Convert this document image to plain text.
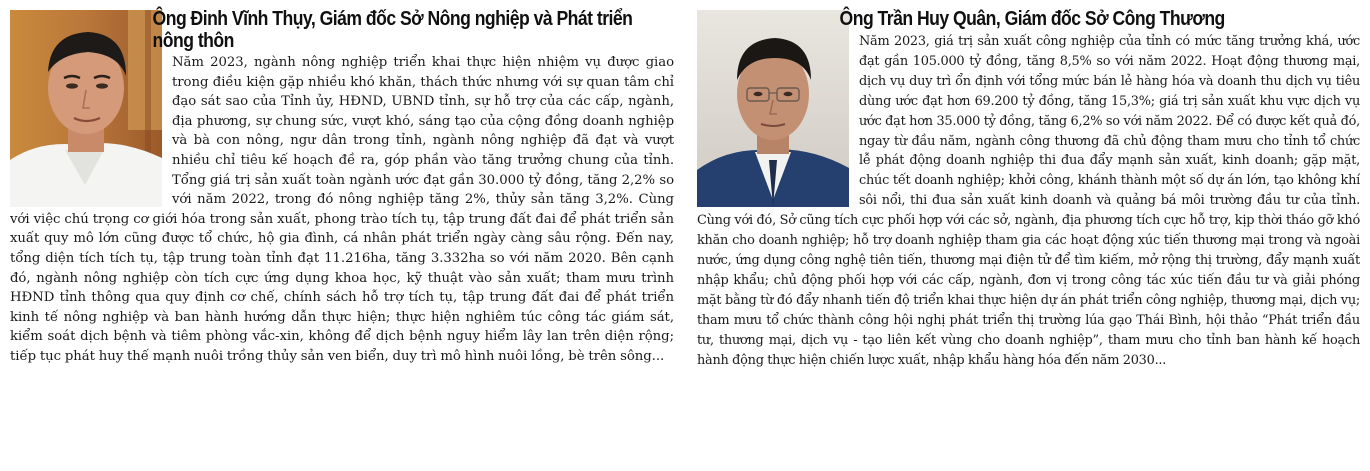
Ông Đinh Vĩnh Thụy, Giám đốc Sở Nông nghiệp và Phát triển nông thôn

Năm 2023, ngành nông nghiệp triển khai thực hiện nhiệm vụ được giao trong điều kiện gặp nhiều khó khăn, thách thức nhưng với sự quan tâm chỉ đạo sát sao của Tỉnh ủy, HĐND, UBND tỉnh, sự hỗ trợ của các cấp, ngành, địa phương, sự chung sức, vượt khó, sáng tạo của cộng đồng doanh nghiệp và bà con nông, ngư dân trong tỉnh, ngành nông nghiệp đã đạt và vượt nhiều chỉ tiêu kế hoạch đề ra, góp phần vào tăng trưởng chung của tỉnh. Tổng giá trị sản xuất toàn ngành ước đạt gần 30.000 tỷ đồng, tăng 2,2% so với năm 2022, trong đó nông nghiệp tăng 2%, thủy sản tăng 3,2%. Cùng với việc chú trọng cơ giới hóa trong sản xuất, phong trào tích tụ, tập trung đất đai để phát triển sản xuất quy mô lớn cũng được tổ chức, hộ gia đình, cá nhân phát triển ngày càng sâu rộng. Đến nay, tổng diện tích tích tụ, tập trung toàn tỉnh đạt 11.216ha, tăng 3.332ha so với năm 2020. Bên cạnh đó, ngành nông nghiệp còn tích cực ứng dụng khoa học, kỹ thuật vào sản xuất; tham mưu trình HĐND tỉnh thông qua quy định cơ chế, chính sách hỗ trợ tích tụ, tập trung đất đai để phát triển kinh tế nông nghiệp và ban hành hướng dẫn thực hiện; thực hiện nghiêm túc công tác giám sát, kiểm soát dịch bệnh và tiêm phòng vắc-xin, không để dịch bệnh nguy hiểm lây lan trên diện rộng; tiếp tục phát huy thế mạnh nuôi trồng thủy sản ven biển, duy trì mô hình nuôi lồng, bè trên sông...

Ông Trần Huy Quân, Giám đốc Sở Công Thương

Năm 2023, giá trị sản xuất công nghiệp của tỉnh có mức tăng trưởng khá, ước đạt gần 105.000 tỷ đồng, tăng 8,5% so với năm 2022. Hoạt động thương mại, dịch vụ duy trì ổn định với tổng mức bán lẻ hàng hóa và doanh thu dịch vụ tiêu dùng ước đạt hơn 69.200 tỷ đồng, tăng 15,3%; giá trị sản xuất khu vực dịch vụ ước đạt hơn 35.000 tỷ đồng, tăng 6,2% so với năm 2022. Để có được kết quả đó, ngay từ đầu năm, ngành công thương đã chủ động tham mưu cho tỉnh tổ chức lễ phát động doanh nghiệp thi đua đẩy mạnh sản xuất, kinh doanh; gặp mặt, chúc tết doanh nghiệp; khởi công, khánh thành một số dự án lớn, tạo không khí sôi nổi, thi đua sản xuất kinh doanh và quảng bá môi trường đầu tư của tỉnh. Cùng với đó, Sở cũng tích cực phối hợp với các sở, ngành, địa phương tích cực hỗ trợ, kịp thời tháo gỡ khó khăn cho doanh nghiệp; hỗ trợ doanh nghiệp tham gia các hoạt động xúc tiến thương mại trong và ngoài nước, ứng dụng công nghệ tiên tiến, thương mại điện tử để tìm kiếm, mở rộng thị trường, đẩy mạnh xuất nhập khẩu; chủ động phối hợp với các cấp, ngành, đơn vị trong công tác xúc tiến đầu tư và giải phóng mặt bằng từ đó đẩy nhanh tiến độ triển khai thực hiện dự án phát triển công nghiệp, thương mại, dịch vụ; tham mưu tổ chức thành công hội nghị phát triển thị trường lúa gạo Thái Bình, hội thảo “Phát triển đầu tư, thương mại, dịch vụ - tạo liên kết vùng cho doanh nghiệp”, tham mưu cho tỉnh ban hành kế hoạch hành động thực hiện chiến lược xuất, nhập khẩu hàng hóa đến năm 2030...
